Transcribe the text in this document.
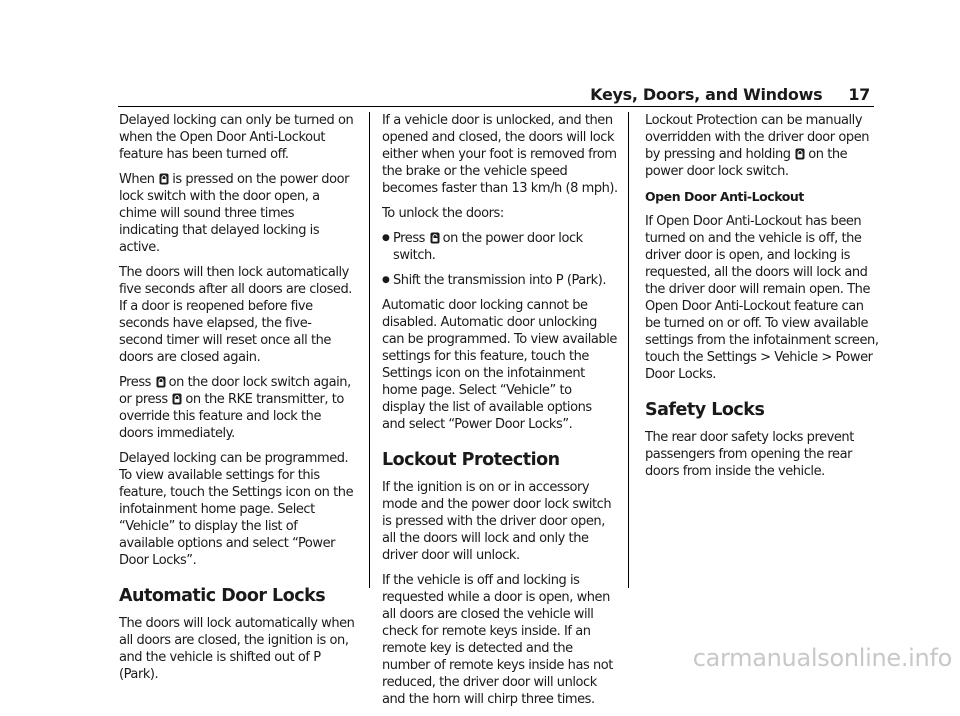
Keys, Doors, and Windows 17

Delayed locking can only be turned on when the Open Door Anti-Lockout feature has been turned off.

When
is pressed on the power door lock switch with the door open, a chime will sound three times indicating that delayed locking is active.

The doors will then lock automatically five seconds after all doors are closed. If a door is reopened before five seconds have elapsed, the five-second timer will reset once all the doors are closed again.

Press
on the door lock switch again, or press
on the RKE transmitter, to override this feature and lock the doors immediately.

Delayed locking can be programmed. To view available settings for this feature, touch the Settings icon on the infotainment home page. Select “Vehicle” to display the list of available options and select “Power Door Locks”.

Automatic Door Locks

The doors will lock automatically when all doors are closed, the ignition is on, and the vehicle is shifted out of P (Park).

If a vehicle door is unlocked, and then opened and closed, the doors will lock either when your foot is removed from the brake or the vehicle speed becomes faster than 13 km/h (8 mph).

To unlock the doors:

● Press
on the power door lock switch.
● Shift the transmission into P (Park).

Automatic door locking cannot be disabled. Automatic door unlocking can be programmed. To view available settings for this feature, touch the Settings icon on the infotainment home page. Select “Vehicle” to display the list of available options and select “Power Door Locks”.

Lockout Protection

If the ignition is on or in accessory mode and the power door lock switch is pressed with the driver door open, all the doors will lock and only the driver door will unlock.

If the vehicle is off and locking is requested while a door is open, when all doors are closed the vehicle will check for remote keys inside. If an remote key is detected and the number of remote keys inside has not reduced, the driver door will unlock and the horn will chirp three times.

Lockout Protection can be manually overridden with the driver door open by pressing and holding
on the power door lock switch.

Open Door Anti-Lockout

If Open Door Anti-Lockout has been turned on and the vehicle is off, the driver door is open, and locking is requested, all the doors will lock and the driver door will remain open. The Open Door Anti-Lockout feature can be turned on or off. To view available settings from the infotainment screen, touch the Settings > Vehicle > Power Door Locks.

Safety Locks

The rear door safety locks prevent passengers from opening the rear doors from inside the vehicle.

carmanualsonline.info
